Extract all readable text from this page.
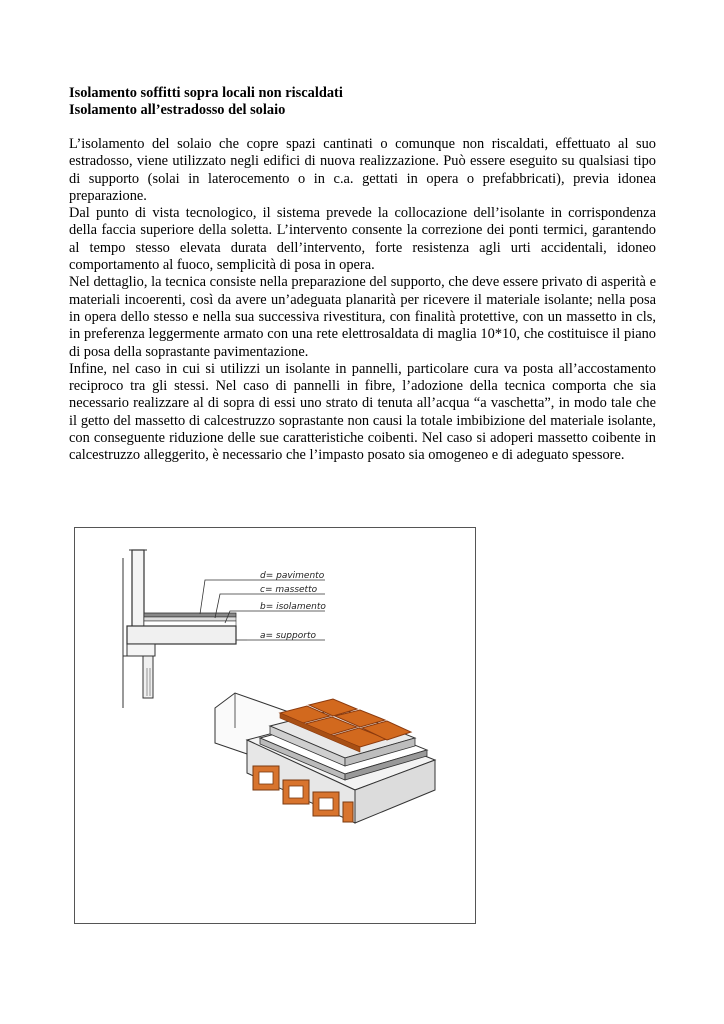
Isolamento soffitti sopra locali non riscaldati
Isolamento all’estradosso del solaio

L’isolamento del solaio che copre spazi cantinati o comunque non riscaldati, effettuato al suo estradosso, viene utilizzato negli edifici di nuova realizzazione. Può essere eseguito su qualsiasi tipo di supporto (solai in laterocemento o in c.a. gettati in opera o prefabbricati), previa idonea preparazione.

Dal punto di vista tecnologico, il sistema prevede la collocazione dell’isolante in corrispondenza della faccia superiore della soletta. L’intervento consente la correzione dei ponti termici, garantendo al tempo stesso elevata durata dell’intervento, forte resistenza agli urti accidentali, idoneo comportamento al fuoco, semplicità di posa in opera.

Nel dettaglio, la tecnica consiste nella preparazione del supporto, che deve essere privato di asperità e materiali incoerenti, così da avere un’adeguata planarità per ricevere il materiale isolante; nella posa in opera dello stesso e nella sua successiva rivestitura, con finalità protettive, con un massetto in cls, in preferenza leggermente armato con una rete elettrosaldata di maglia 10*10, che costituisce il piano di posa della soprastante pavimentazione.

Infine, nel caso in cui si utilizzi un isolante in pannelli, particolare cura va posta all’accostamento reciproco tra gli stessi. Nel caso di pannelli in fibre, l’adozione della tecnica comporta che sia necessario realizzare al di sopra di essi uno strato di tenuta all’acqua “a vaschetta”, in modo tale che il getto del massetto di calcestruzzo soprastante non causi la totale imbibizione del materiale isolante, con conseguente riduzione delle sue caratteristiche coibenti. Nel caso si adoperi massetto coibente in calcestruzzo alleggerito, è necessario che l’impasto posato sia omogeneo e di adeguato spessore.

d= pavimento
c= massetto
b= isolamento
a= supporto
